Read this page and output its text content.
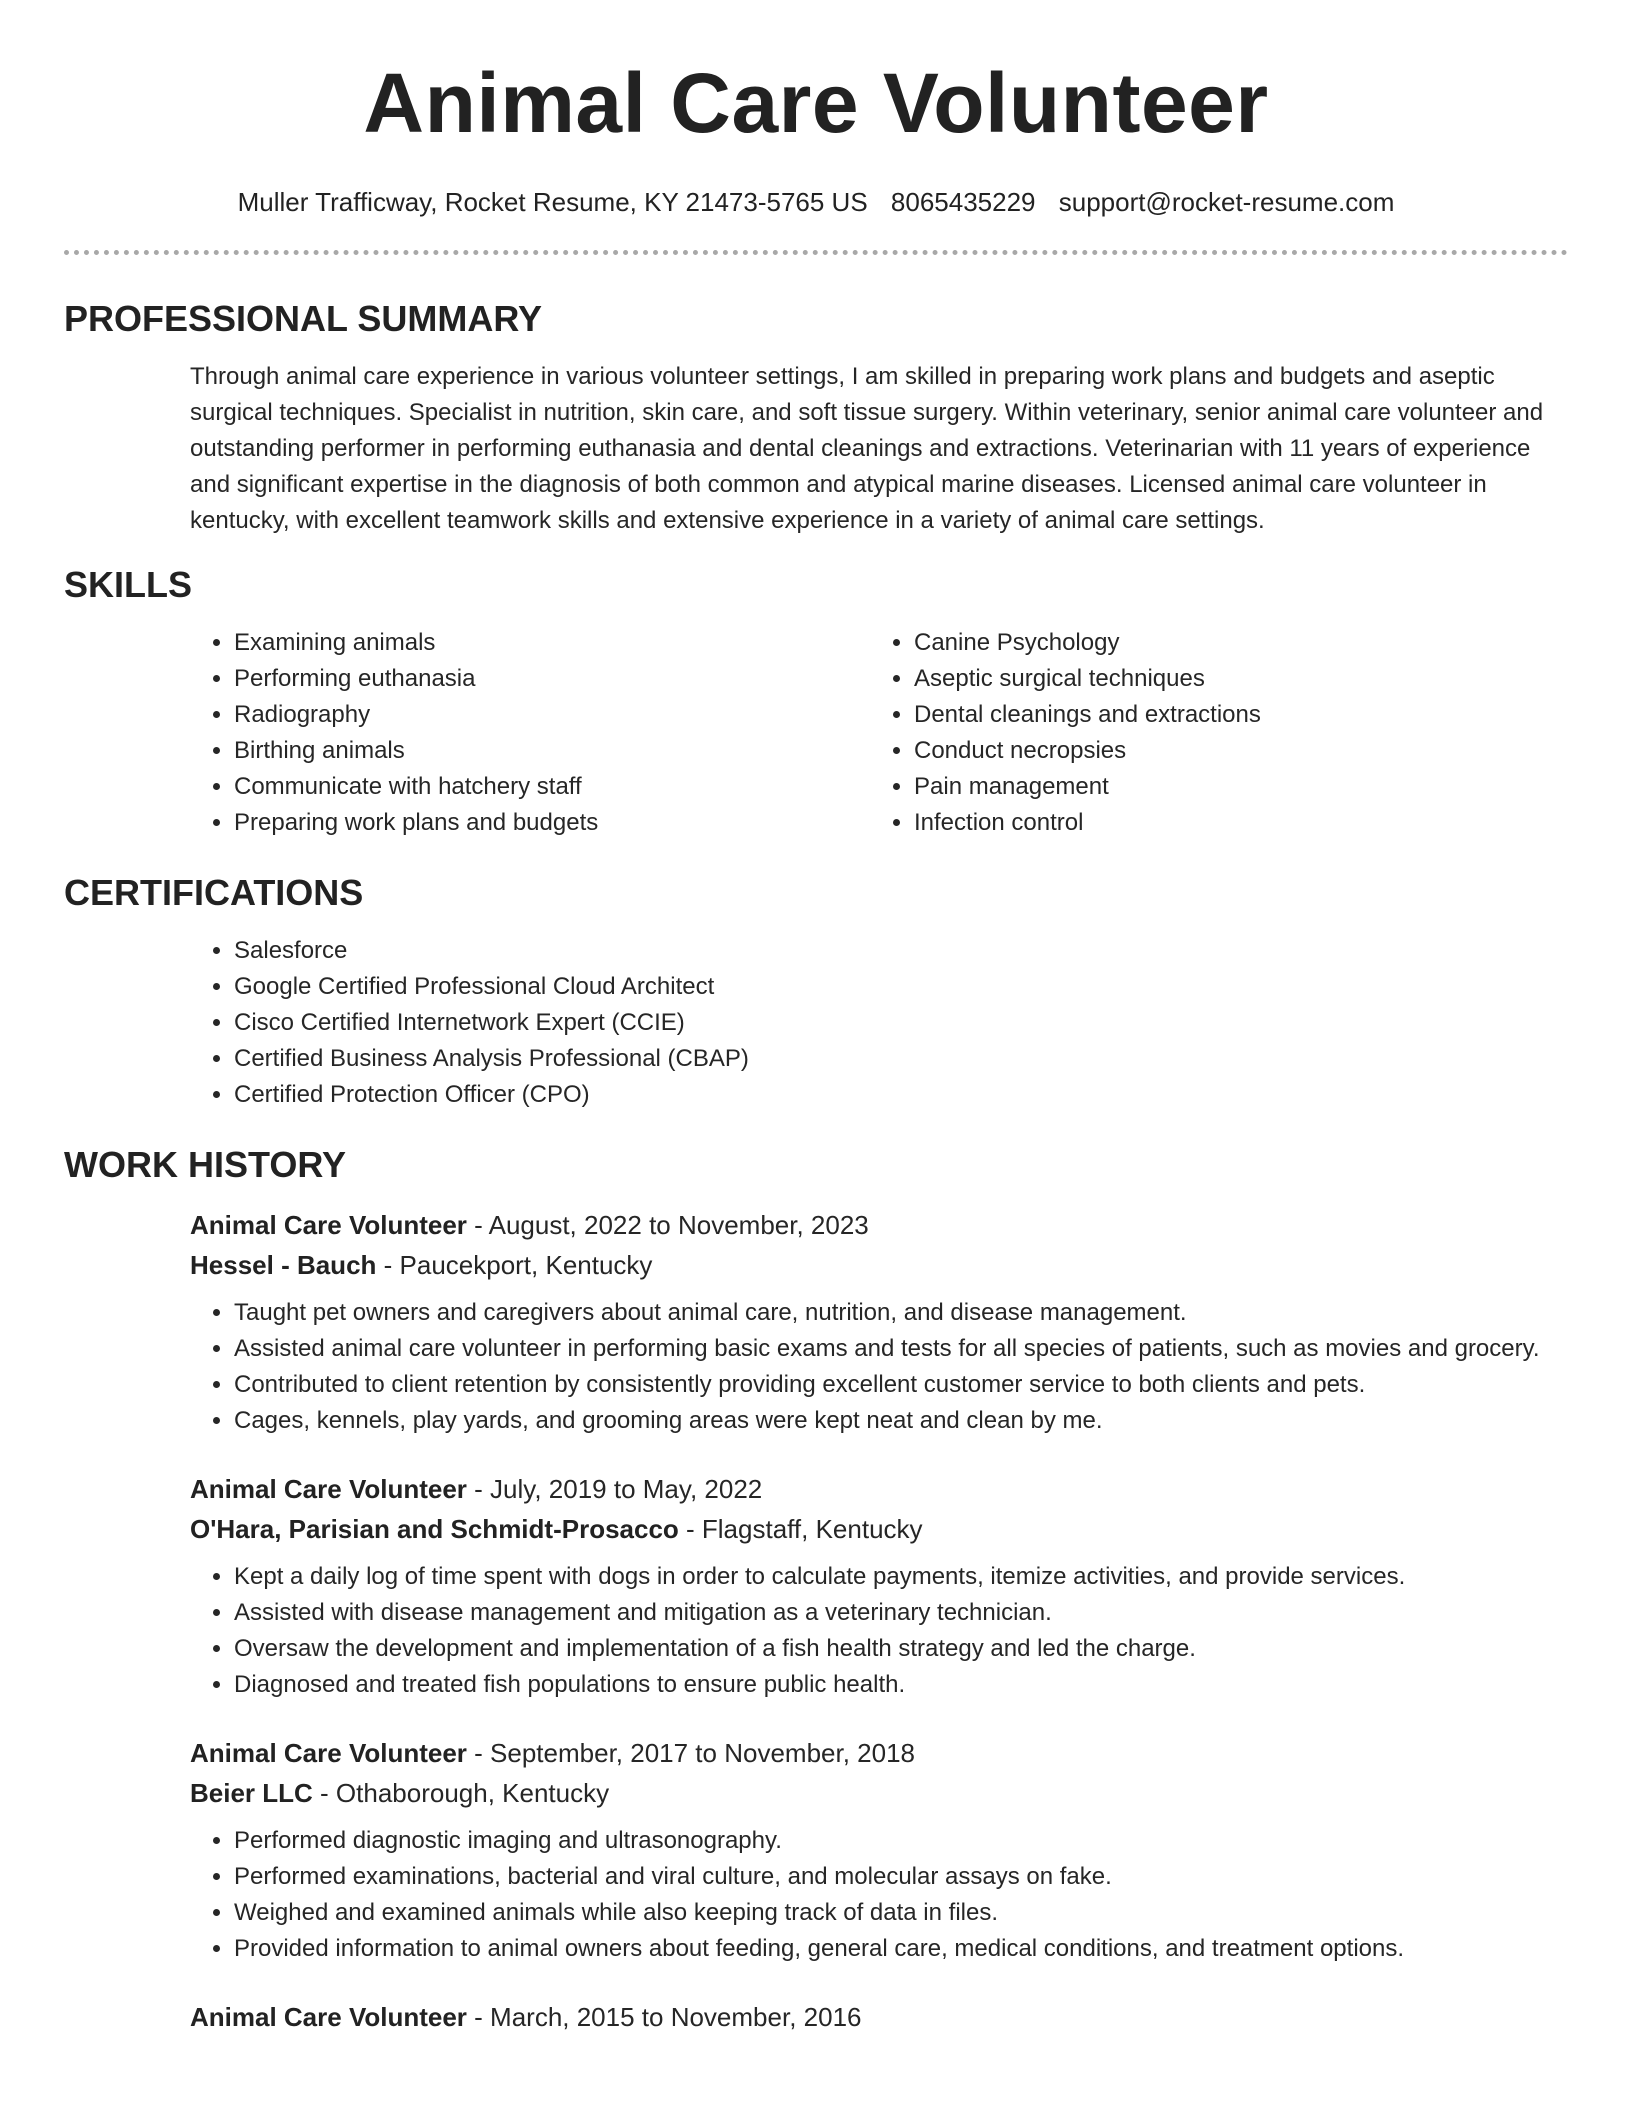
Animal Care Volunteer
Muller Trafficway, Rocket Resume, KY 21473-5765 US 8065435229 support@rocket-resume.com
PROFESSIONAL SUMMARY

Through animal care experience in various volunteer settings, I am skilled in preparing work plans and budgets and aseptic surgical techniques. Specialist in nutrition, skin care, and soft tissue surgery. Within veterinary, senior animal care volunteer and outstanding performer in performing euthanasia and dental cleanings and extractions. Veterinarian with 11 years of experience and significant expertise in the diagnosis of both common and atypical marine diseases. Licensed animal care volunteer in kentucky, with excellent teamwork skills and extensive experience in a variety of animal care settings.

SKILLS
• Examining animals
• Performing euthanasia
• Radiography
• Birthing animals
• Communicate with hatchery staff
• Preparing work plans and budgets
• Canine Psychology
• Aseptic surgical techniques
• Dental cleanings and extractions
• Conduct necropsies
• Pain management
• Infection control
CERTIFICATIONS
• Salesforce
• Google Certified Professional Cloud Architect
• Cisco Certified Internetwork Expert (CCIE)
• Certified Business Analysis Professional (CBAP)
• Certified Protection Officer (CPO)
WORK HISTORY
Animal Care Volunteer - August, 2022 to November, 2023
Hessel - Bauch - Paucekport, Kentucky
• Taught pet owners and caregivers about animal care, nutrition, and disease management.
• Assisted animal care volunteer in performing basic exams and tests for all species of patients, such as movies and grocery.
• Contributed to client retention by consistently providing excellent customer service to both clients and pets.
• Cages, kennels, play yards, and grooming areas were kept neat and clean by me.
Animal Care Volunteer - July, 2019 to May, 2022
O'Hara, Parisian and Schmidt-Prosacco - Flagstaff, Kentucky
• Kept a daily log of time spent with dogs in order to calculate payments, itemize activities, and provide services.
• Assisted with disease management and mitigation as a veterinary technician.
• Oversaw the development and implementation of a fish health strategy and led the charge.
• Diagnosed and treated fish populations to ensure public health.
Animal Care Volunteer - September, 2017 to November, 2018
Beier LLC - Othaborough, Kentucky
• Performed diagnostic imaging and ultrasonography.
• Performed examinations, bacterial and viral culture, and molecular assays on fake.
• Weighed and examined animals while also keeping track of data in files.
• Provided information to animal owners about feeding, general care, medical conditions, and treatment options.
Animal Care Volunteer - March, 2015 to November, 2016
